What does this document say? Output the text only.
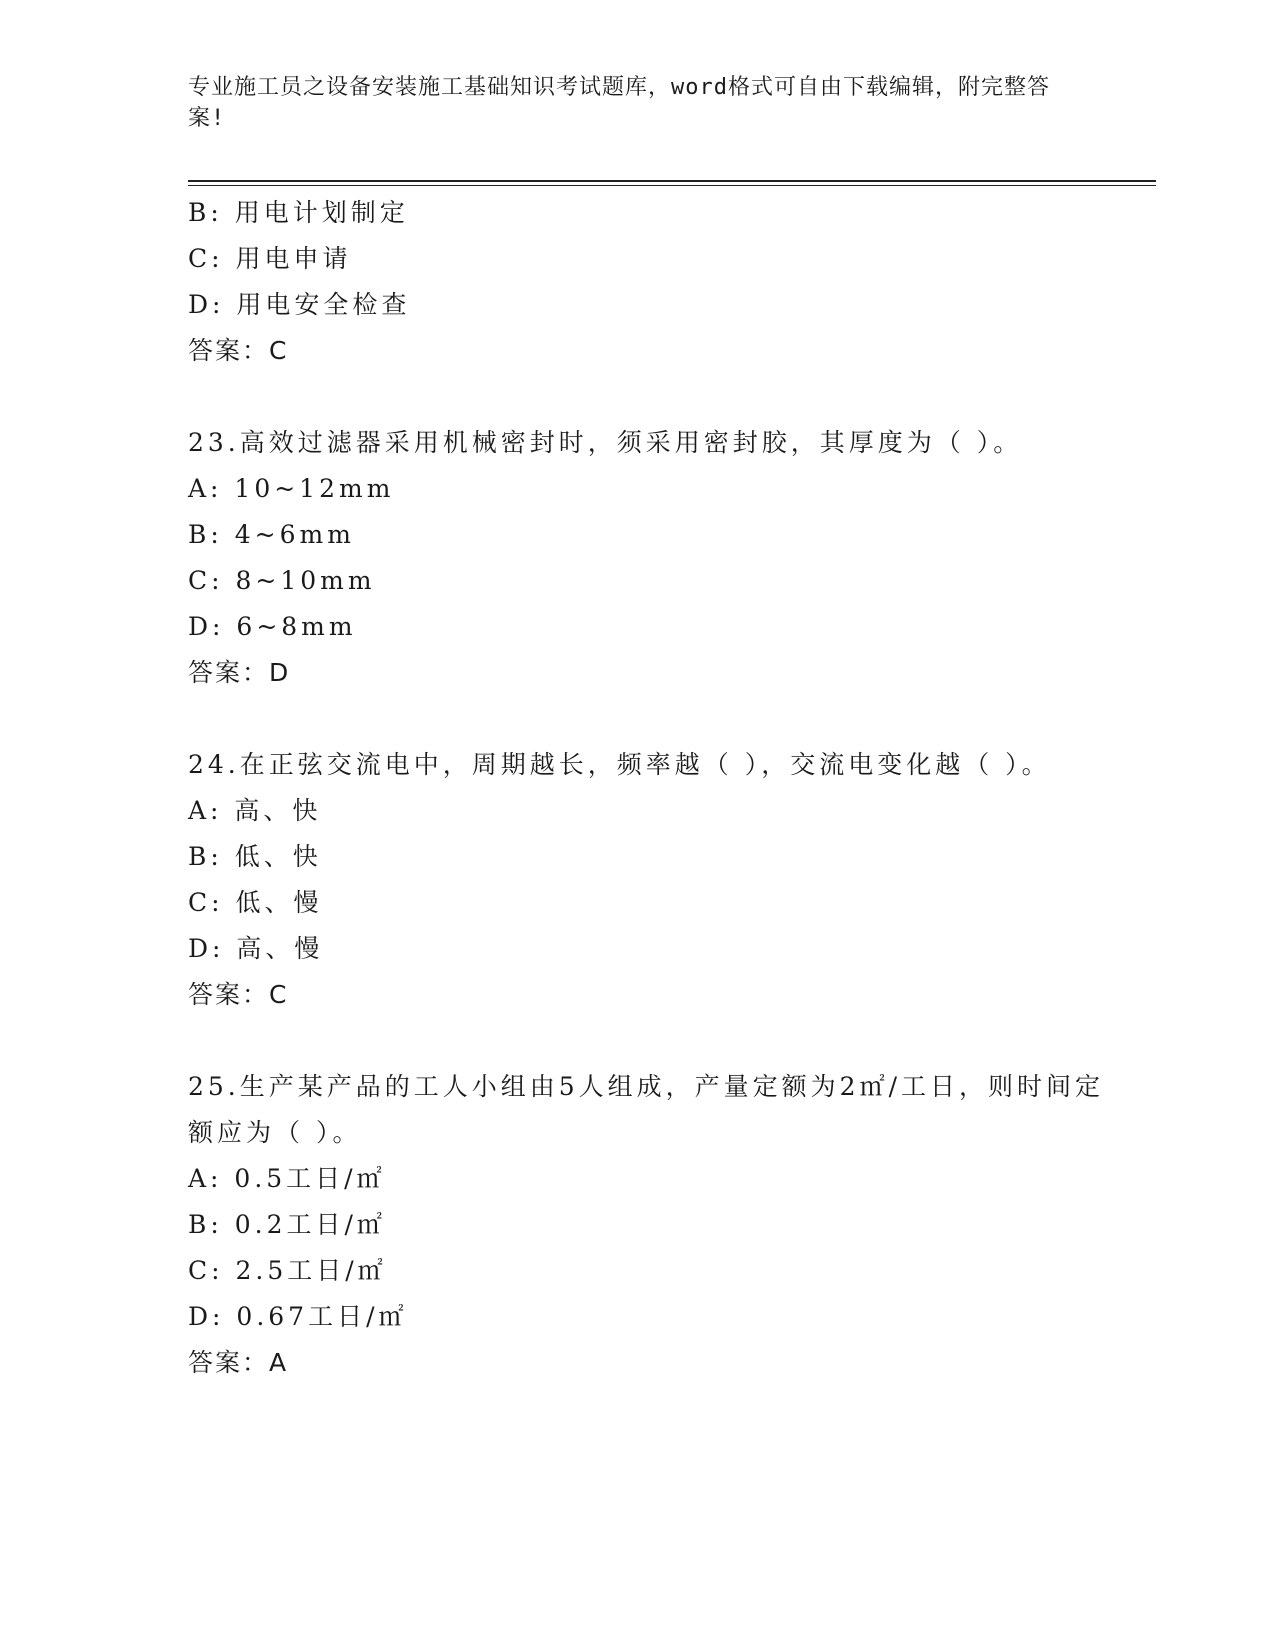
专业施工员之设备安装施工基础知识考试题库，word格式可自由下载编辑，附完整答案!
B: 用电计划制定
C: 用电申请
D: 用电安全检查
答案：C
23.高效过滤器采用机械密封时，须采用密封胶，其厚度为（ ）。
A: 10~12mm
B: 4~6mm
C: 8~10mm
D: 6~8mm
答案：D
24.在正弦交流电中，周期越长，频率越（ ），交流电变化越（ ）。
A: 高、快
B: 低、快
C: 低、慢
D: 高、慢
答案：C
25.生产某产品的工人小组由5人组成，产量定额为2㎡/工日，则时间定额应为（ ）。
A: 0.5工日/㎡
B: 0.2工日/㎡
C: 2.5工日/㎡
D: 0.67工日/㎡
答案：A
